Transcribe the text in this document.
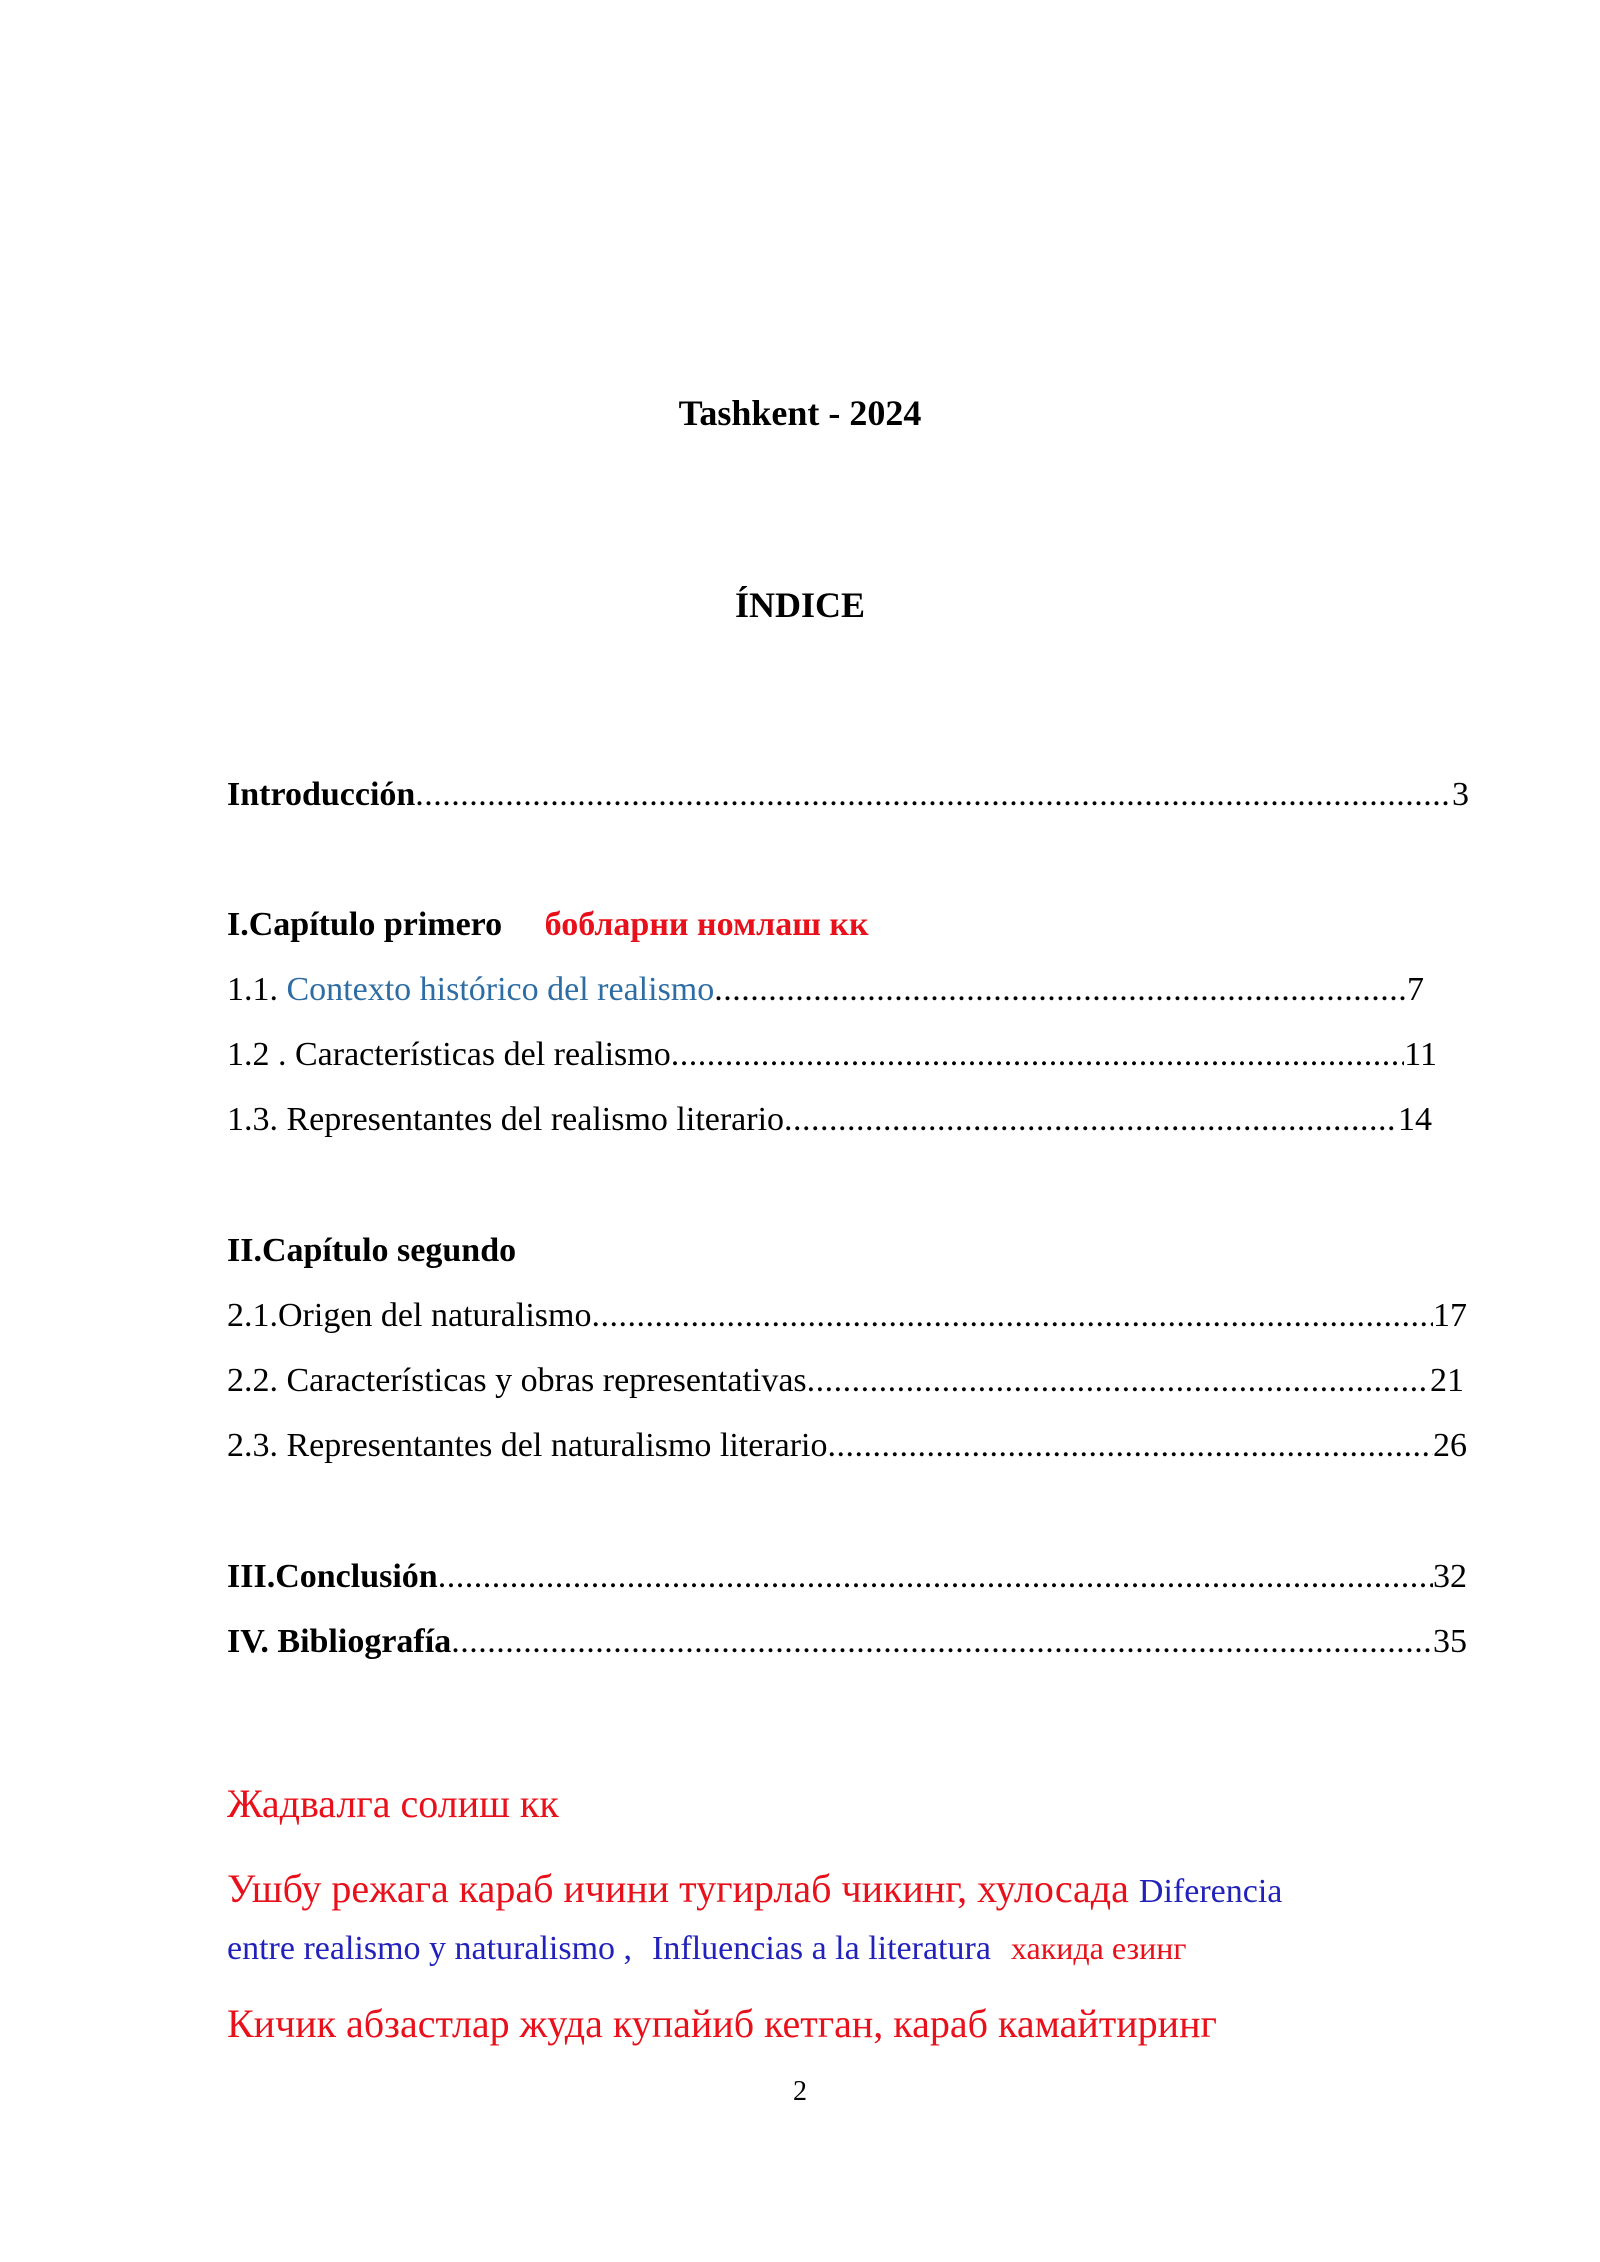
Tashkent - 2024
ÍNDICE
Introducción .....	3
I.Capítulo primero бобларни номлаш кк
1.1. Contexto histórico del realismo .....	7
1.2 . Características del realismo .....	11
1.3. Representantes del realismo literario .....	14
II.Capítulo segundo
2.1.Origen del naturalismo .....	17
2.2. Características y obras representativas .....	21
2.3. Representantes del naturalismo literario .....	26
III.Conclusión .....	32
IV. Bibliografía .....	35
Жадвалга солиш кк
Ушбу режага караб ичини тугирлаб чикинг, хулосада Diferencia
entre realismo y naturalismo , Influencias a la literatura хакида езинг
Кичик абзастлар жуда купайиб кетган, караб камайтиринг
2
